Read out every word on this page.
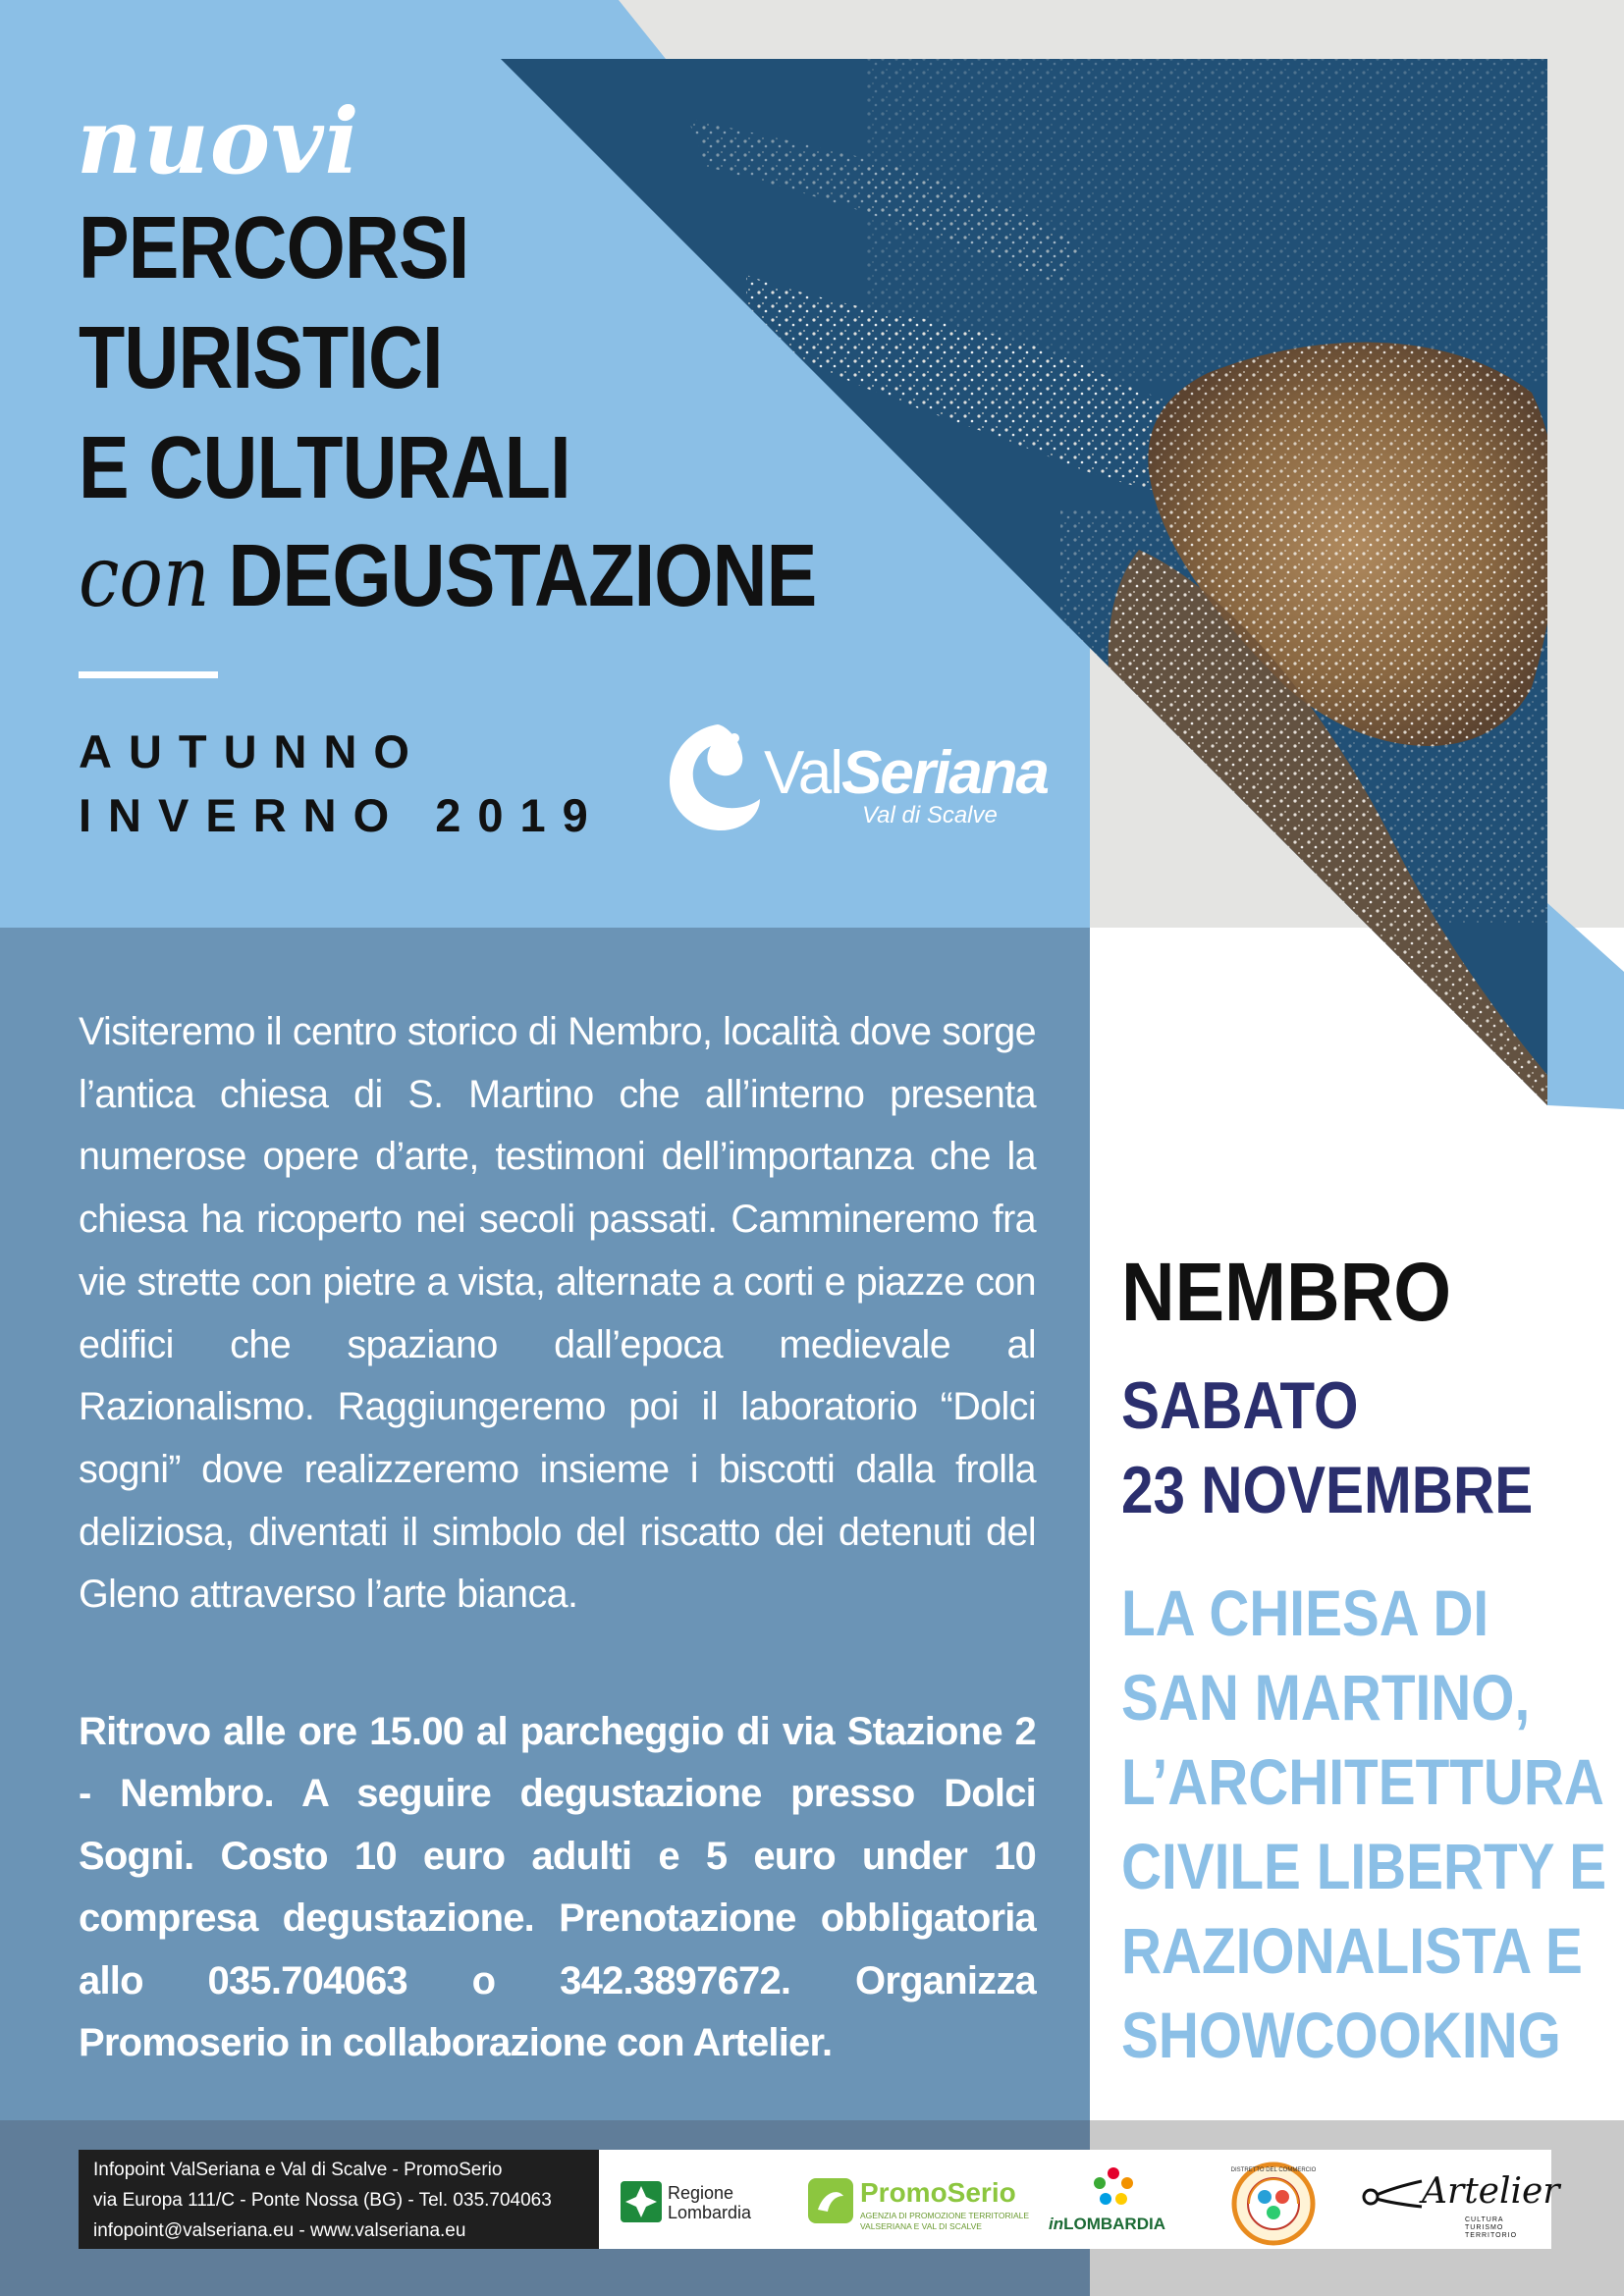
nuovi
PERCORSI
TURISTICI
E CULTURALI
con DEGUSTAZIONE
AUTUNNO
INVERNO 2019
ValSeriana
Val di Scalve
Visiteremo il centro storico di Nembro, località dove sorge l’antica chiesa di S. Martino che all’interno presenta numerose opere d’arte, testimoni dell’importanza che la chiesa ha ricoperto nei secoli passati. Cammineremo fra vie strette con pietre a vista, alternate a corti e piazze con edifici che spaziano dall’epoca medievale al Razionalismo. Raggiungeremo poi il laboratorio “Dolci sogni” dove realizzeremo insieme i biscotti dalla frolla deliziosa, diventati il simbolo del riscatto dei detenuti del Gleno attraverso l’arte bianca.
Ritrovo alle ore 15.00 al parcheggio di via Stazione 2 - Nembro. A seguire degustazione presso Dolci Sogni. Costo 10 euro adulti e 5 euro under 10 compresa degustazione. Prenotazione obbligatoria allo 035.704063 o 342.3897672. Organizza Promoserio in collaborazione con Artelier.
NEMBRO
SABATO
23 NOVEMBRE
LA CHIESA DI
SAN MARTINO,
L’ARCHITETTURA
CIVILE LIBERTY E
RAZIONALISTA E
SHOWCOOKING
Infopoint ValSeriana e Val di Scalve - PromoSerio
via Europa 111/C - Ponte Nossa (BG) - Tel. 035.704063
infopoint@valseriana.eu - www.valseriana.eu
Regione
Lombardia
PromoSerio
AGENZIA DI PROMOZIONE TERRITORIALE
VALSERIANA E VAL DI SCALVE	inLOMBARDIA
DISTRETTO DEL COMMERCIO
Artelier
CULTURA
TURISMO
TERRITORIO
